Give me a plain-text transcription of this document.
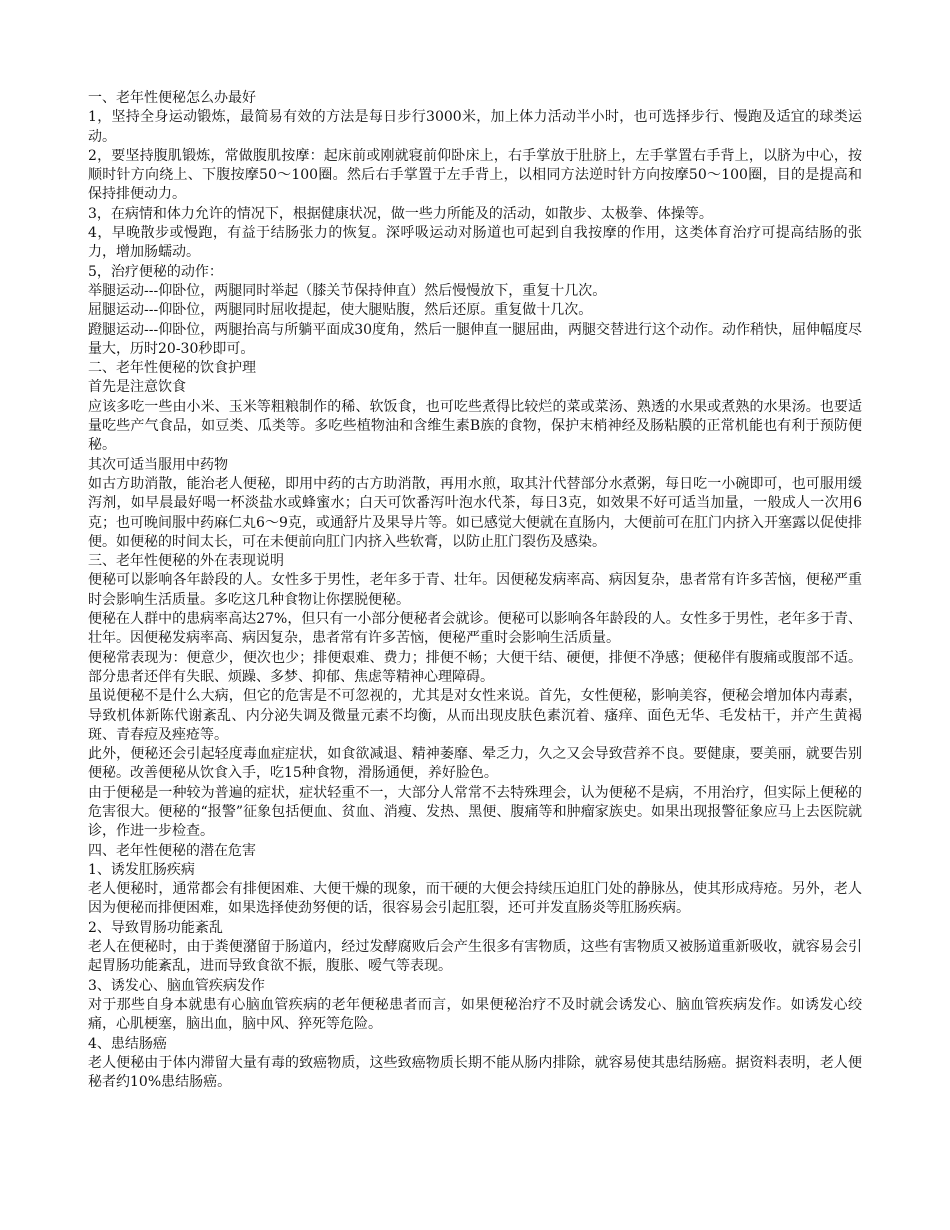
一、老年性便秘怎么办最好

1，坚持全身运动锻炼，最简易有效的方法是每日步行3000米，加上体力活动半小时，也可选择步行、慢跑及适宜的球类运动。

2，要坚持腹肌锻炼，常做腹肌按摩：起床前或刚就寝前仰卧床上，右手掌放于肚脐上，左手掌置右手背上，以脐为中心，按顺时针方向绕上、下腹按摩50～100圈。然后右手掌置于左手背上，以相同方法逆时针方向按摩50～100圈，目的是提高和保持排便动力。

3，在病情和体力允许的情况下，根据健康状况，做一些力所能及的活动，如散步、太极拳、体操等。

4，早晚散步或慢跑，有益于结肠张力的恢复。深呼吸运动对肠道也可起到自我按摩的作用，这类体育治疗可提高结肠的张力，增加肠蠕动。

5，治疗便秘的动作：

举腿运动---仰卧位，两腿同时举起（膝关节保持伸直）然后慢慢放下，重复十几次。

屈腿运动---仰卧位，两腿同时屈收提起，使大腿贴腹，然后还原。重复做十几次。

蹬腿运动---仰卧位，两腿抬高与所躺平面成30度角，然后一腿伸直一腿屈曲，两腿交替进行这个动作。动作稍快，屈伸幅度尽量大，历时20-30秒即可。

二、老年性便秘的饮食护理

首先是注意饮食

应该多吃一些由小米、玉米等粗粮制作的稀、软饭食，也可吃些煮得比较烂的菜或菜汤、熟透的水果或煮熟的水果汤。也要适量吃些产气食品，如豆类、瓜类等。多吃些植物油和含维生素B族的食物，保护末梢神经及肠粘膜的正常机能也有利于预防便秘。

其次可适当服用中药物

如古方助消散，能治老人便秘，即用中药的古方助消散，再用水煎，取其汁代替部分水煮粥，每日吃一小碗即可，也可服用缓泻剂，如早晨最好喝一杯淡盐水或蜂蜜水；白天可饮番泻叶泡水代茶，每日3克，如效果不好可适当加量，一般成人一次用6克；也可晚间服中药麻仁丸6～9克，或通舒片及果导片等。如已感觉大便就在直肠内，大便前可在肛门内挤入开塞露以促使排便。如便秘的时间太长，可在未便前向肛门内挤入些软膏，以防止肛门裂伤及感染。

三、老年性便秘的外在表现说明

便秘可以影响各年龄段的人。女性多于男性，老年多于青、壮年。因便秘发病率高、病因复杂，患者常有许多苦恼，便秘严重时会影响生活质量。多吃这几种食物让你摆脱便秘。

便秘在人群中的患病率高达27%，但只有一小部分便秘者会就诊。便秘可以影响各年龄段的人。女性多于男性，老年多于青、壮年。因便秘发病率高、病因复杂，患者常有许多苦恼，便秘严重时会影响生活质量。

便秘常表现为：便意少，便次也少；排便艰难、费力；排便不畅；大便干结、硬便，排便不净感；便秘伴有腹痛或腹部不适。部分患者还伴有失眠、烦躁、多梦、抑郁、焦虑等精神心理障碍。

虽说便秘不是什么大病，但它的危害是不可忽视的，尤其是对女性来说。首先，女性便秘，影响美容，便秘会增加体内毒素，导致机体新陈代谢紊乱、内分泌失调及微量元素不均衡，从而出现皮肤色素沉着、瘙痒、面色无华、毛发枯干，并产生黄褐斑、青春痘及痤疮等。

此外，便秘还会引起轻度毒血症症状，如食欲减退、精神萎靡、晕乏力，久之又会导致营养不良。要健康，要美丽，就要告别便秘。改善便秘从饮食入手，吃15种食物，滑肠通便，养好脸色。

由于便秘是一种较为普遍的症状，症状轻重不一，大部分人常常不去特殊理会，认为便秘不是病，不用治疗，但实际上便秘的危害很大。便秘的“报警”征象包括便血、贫血、消瘦、发热、黑便、腹痛等和肿瘤家族史。如果出现报警征象应马上去医院就诊，作进一步检查。

四、老年性便秘的潜在危害

1、诱发肛肠疾病

老人便秘时，通常都会有排便困难、大便干燥的现象，而干硬的大便会持续压迫肛门处的静脉丛，使其形成痔疮。另外，老人因为便秘而排便困难，如果选择使劲努便的话，很容易会引起肛裂，还可并发直肠炎等肛肠疾病。

2、导致胃肠功能紊乱

老人在便秘时，由于粪便潴留于肠道内，经过发酵腐败后会产生很多有害物质，这些有害物质又被肠道重新吸收，就容易会引起胃肠功能紊乱，进而导致食欲不振，腹胀、嗳气等表现。

3、诱发心、脑血管疾病发作

对于那些自身本就患有心脑血管疾病的老年便秘患者而言，如果便秘治疗不及时就会诱发心、脑血管疾病发作。如诱发心绞痛，心肌梗塞，脑出血，脑中风、猝死等危险。

4、患结肠癌

老人便秘由于体内滞留大量有毒的致癌物质，这些致癌物质长期不能从肠内排除，就容易使其患结肠癌。据资料表明，老人便秘者约10%患结肠癌。
